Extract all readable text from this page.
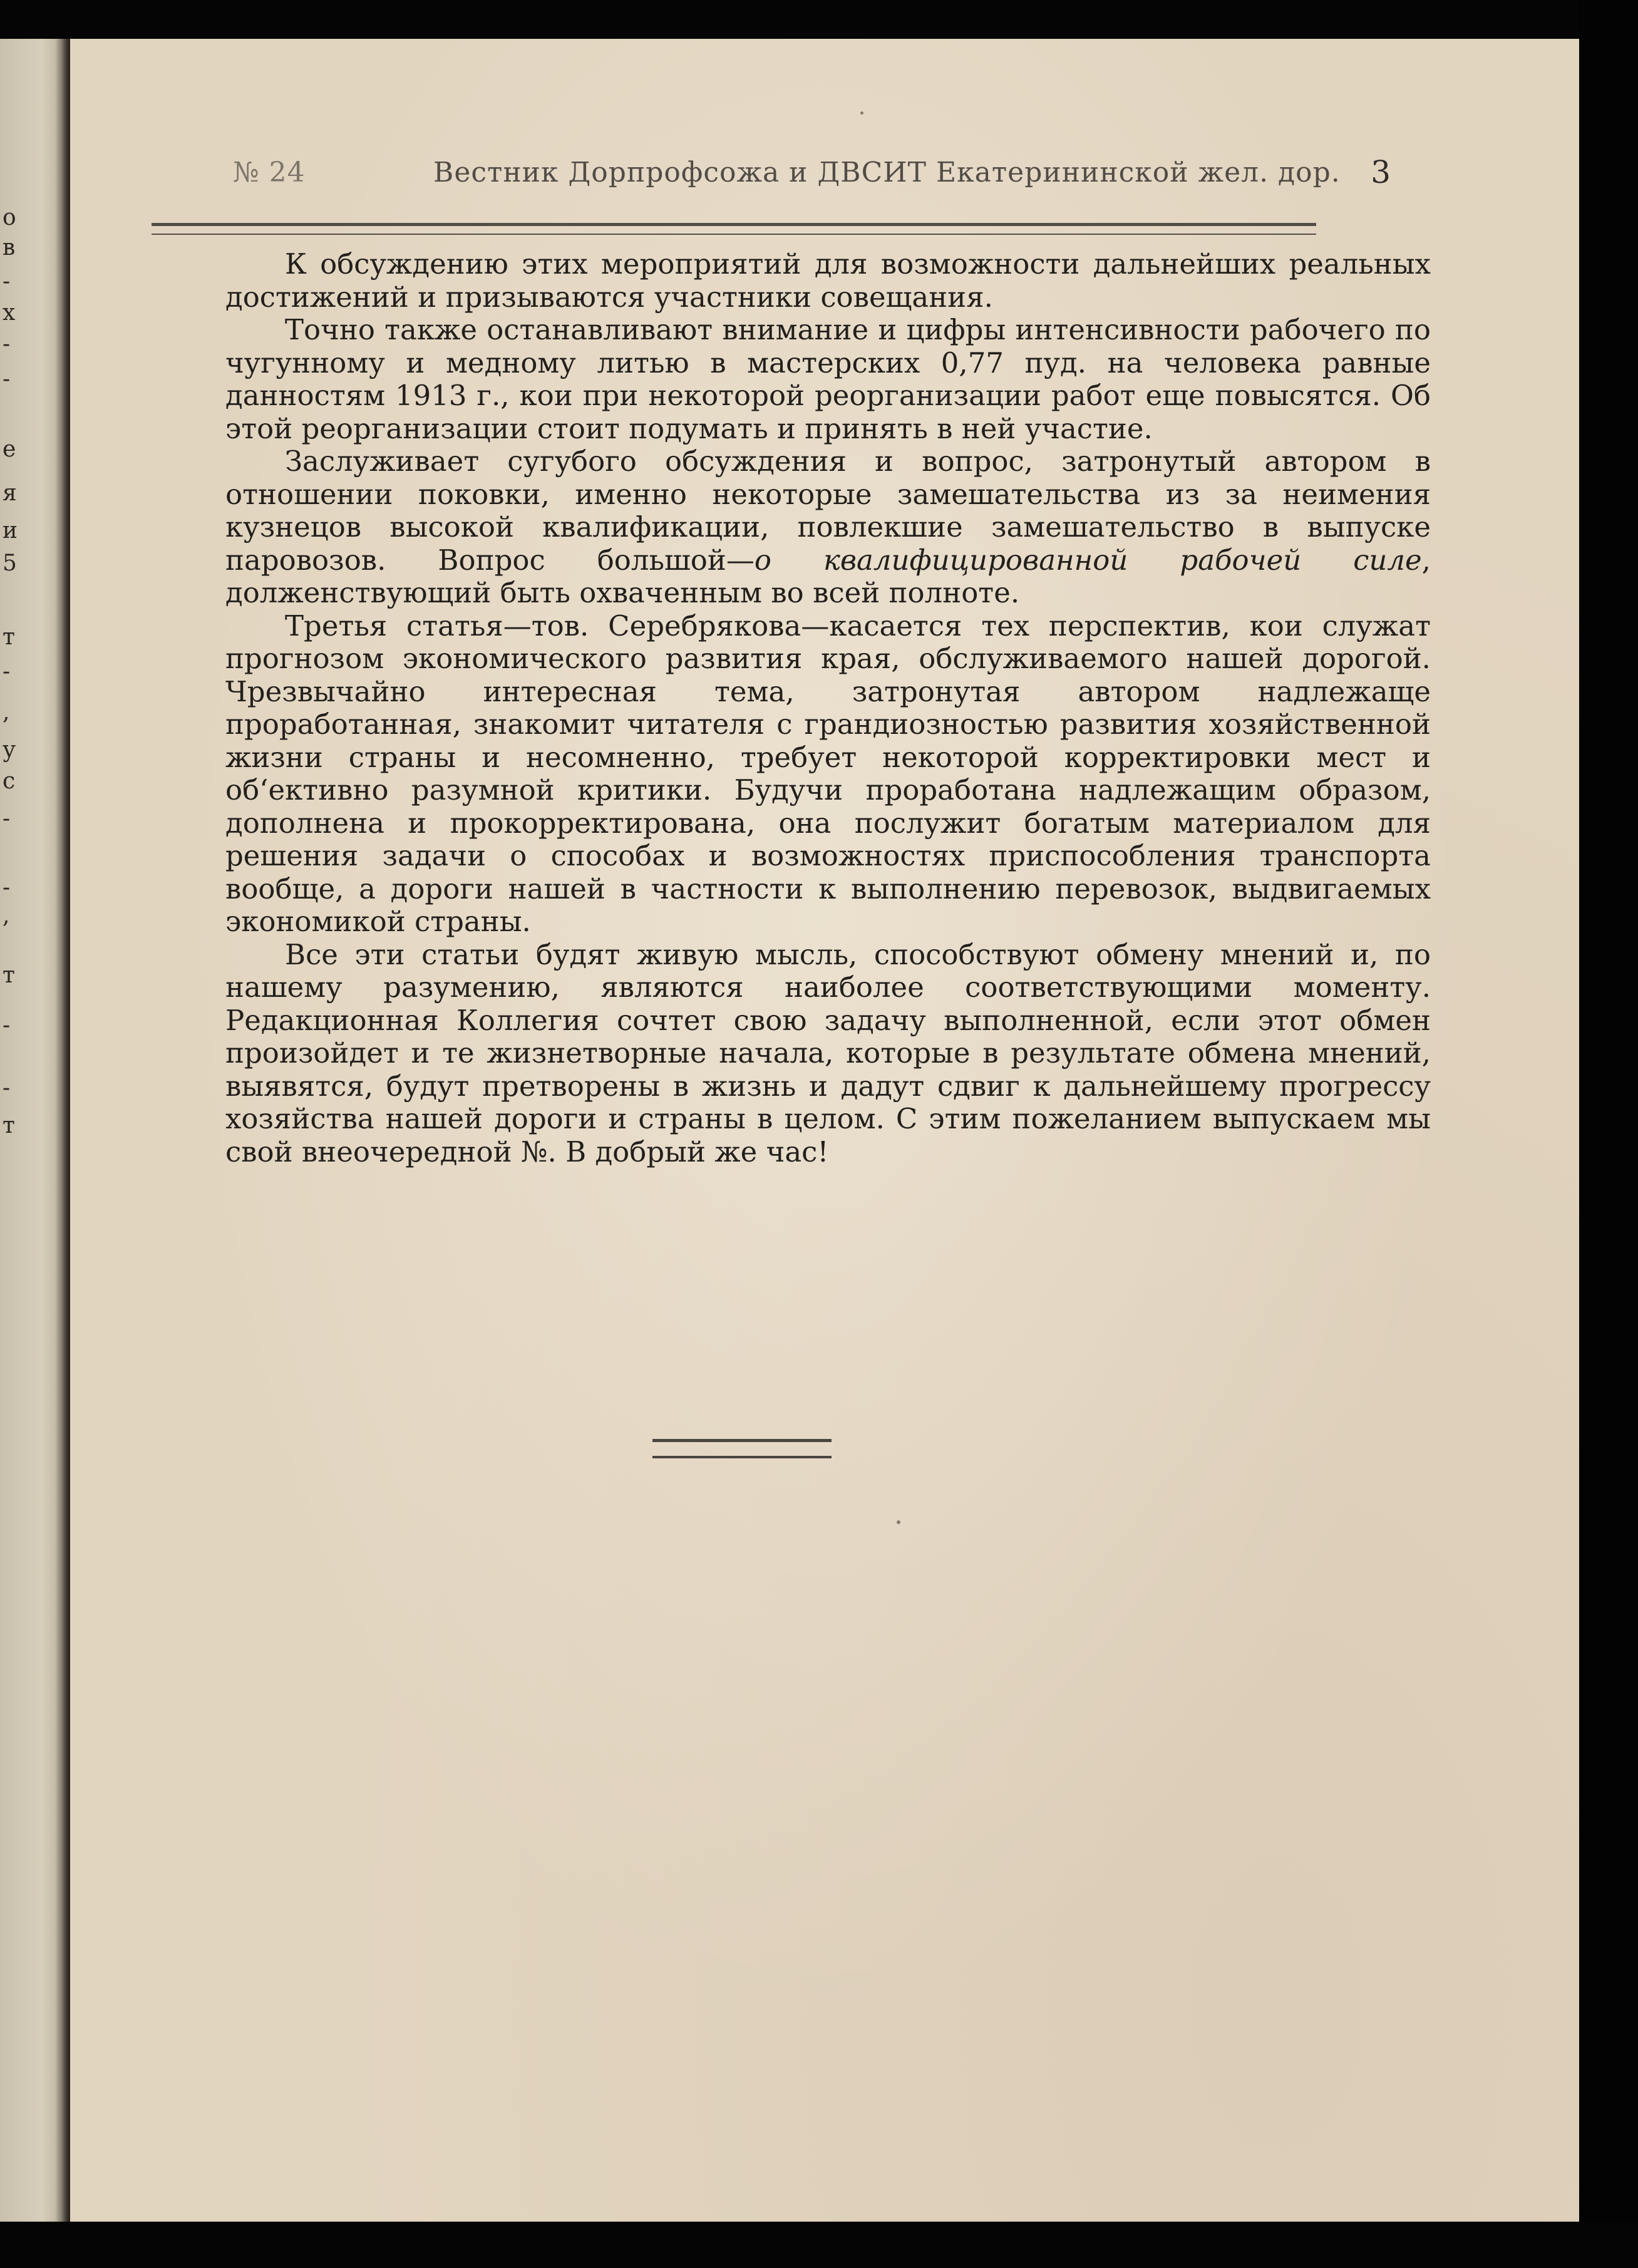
о
в
-
х
-
-
е
я
и
5
т
-
,
у
с
-
-
,
т
-
-
т
№ 24	Вестник Дорпрофсожа и ДВСИТ Екатерининской жел. дор. 3

К обсуждению этих мероприятий для возможности дальнейших реальных достижений и призываются участники совещания.

Точно также останавливают внимание и цифры интенсивности рабочего по чугунному и медному литью в мастерских 0,77 пуд. на человека равные данностям 1913 г., кои при некоторой реорганизации работ еще повысятся. Об этой реорганизации стоит подумать и принять в ней участие.

Заслуживает сугубого обсуждения и вопрос, затронутый автором в отношении поковки, именно некоторые замешательства из за неимения кузнецов высокой квалификации, повлекшие замешательство в выпуске паровозов. Вопрос большой—о квалифицированной рабочей силе, долженствующий быть охваченным во всей полноте.

Третья статья—тов. Серебрякова—касается тех перспектив, кои служат прогнозом экономического развития края, обслуживаемого нашей дорогой. Чрезвычайно интересная тема, затронутая автором надлежаще проработанная, знакомит читателя с грандиозностью развития хозяйственной жизни страны и несомненно, требует некоторой корректировки мест и об‘ективно разумной критики. Будучи проработана надлежащим образом, дополнена и прокорректирована, она послужит богатым материалом для решения задачи о способах и возможностях приспособления транспорта вообще, а дороги нашей в частности к выполнению перевозок, выдвигаемых экономикой страны.

Все эти статьи будят живую мысль, способствуют обмену мнений и, по нашему разумению, являются наиболее соответствующими моменту. Редакционная Коллегия сочтет свою задачу выполненной, если этот обмен произойдет и те жизнетворные начала, которые в результате обмена мнений, выявятся, будут претворены в жизнь и дадут сдвиг к дальнейшему прогрессу хозяйства нашей дороги и страны в целом. С этим пожеланием выпускаем мы свой внеочередной №. В добрый же час!
